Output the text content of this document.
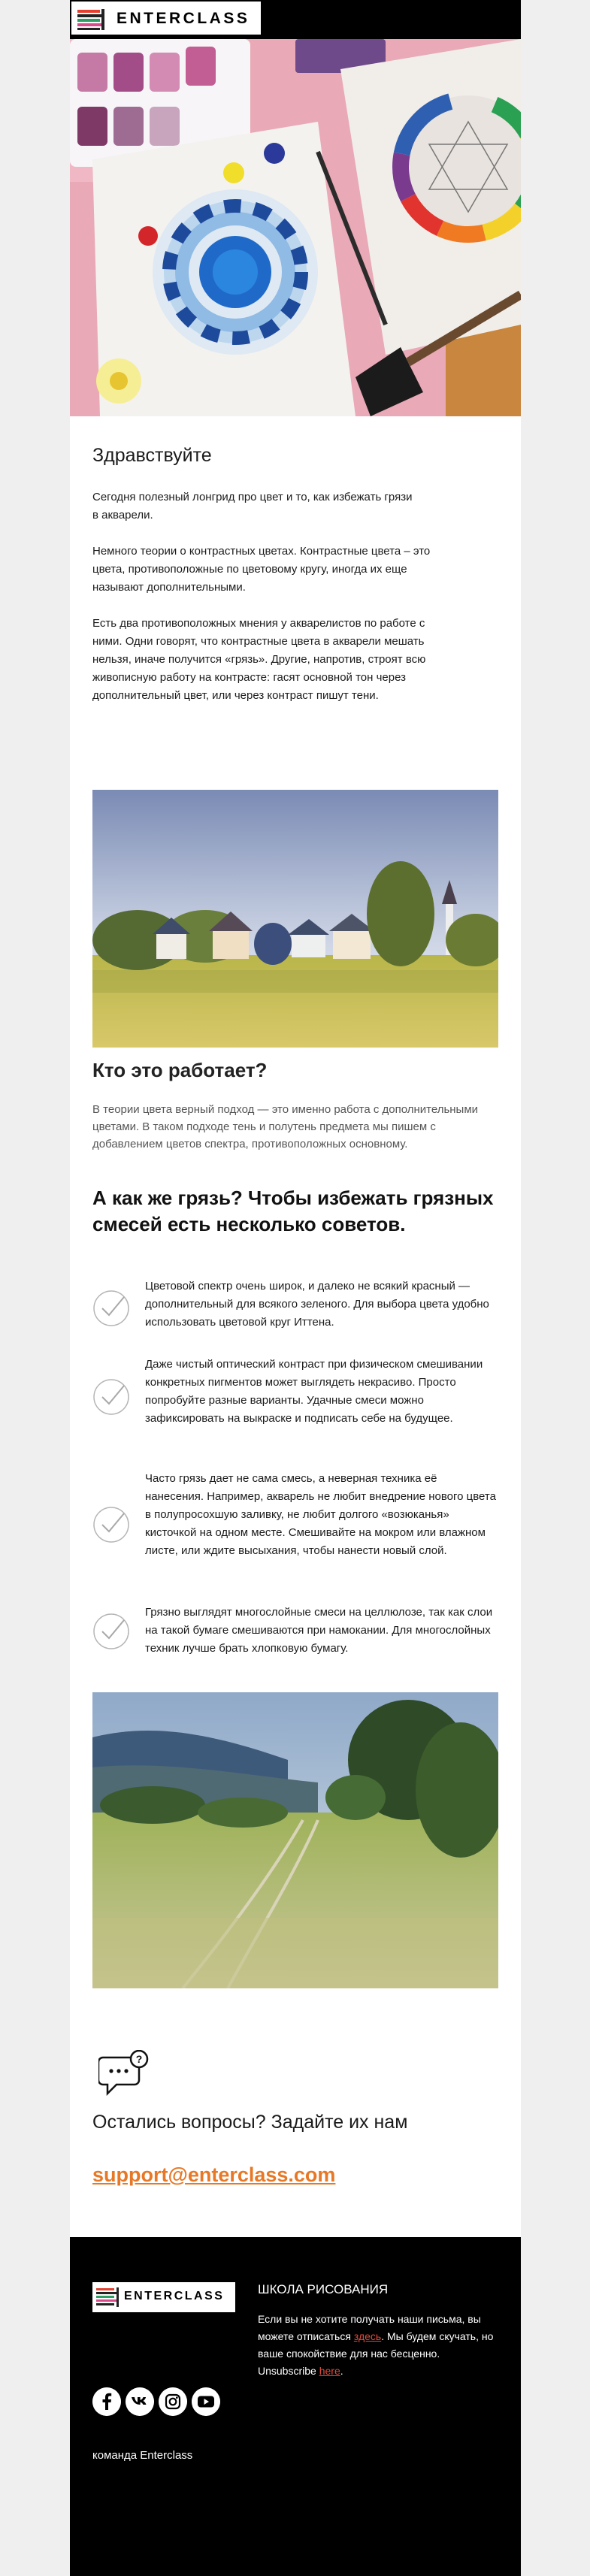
ENTERCLASS
Здравствуйте
Сегодня полезный лонгрид про цвет и то, как избежать грязи в акварели.
Немного теории о контрастных цветах. Контрастные цвета – это цвета, противоположные по цветовому кругу, иногда их еще называют дополнительными.
Есть два противоположных мнения у акварелистов по работе с ними. Одни говорят, что контрастные цвета в акварели мешать нельзя, иначе получится «грязь». Другие, напротив, строят всю живописную работу на контрасте: гасят основной тон через дополнительный цвет, или через контраст пишут тени.
Кто это работает?
В теории цвета верный подход — это именно работа с дополнительными цветами. В таком подходе тень и полутень предмета мы пишем с добавлением цветов спектра, противоположных основному.
А как же грязь? Чтобы избежать грязных смесей есть несколько советов.
Цветовой спектр очень широк, и далеко не всякий красный — дополнительный для всякого зеленого. Для выбора цвета удобно использовать цветовой круг Иттена.
Даже чистый оптический контраст при физическом смешивании конкретных пигментов может выглядеть некрасиво. Просто попробуйте разные варианты. Удачные смеси можно зафиксировать на выкраске и подписать себе на будущее.
Часто грязь дает не сама смесь, а неверная техника её нанесения. Например, акварель не любит внедрение нового цвета в полупросохшую заливку, не любит долгого «возюканья» кисточкой на одном месте. Смешивайте на мокром или влажном листе, или ждите высыхания, чтобы нанести новый слой.
Грязно выглядят многослойные смеси на целлюлозе, так как слои на такой бумаге смешиваются при намокании. Для многослойных техник лучше брать хлопковую бумагу.
?
Остались вопросы? Задайте их нам
support@enterclass.com
ENTERCLASS	ШКОЛА РИСОВАНИЯ
Если вы не хотите получать наши письма, вы можете отписаться здесь. Мы будем скучать, но ваше спокойствие для нас бесценно. Unsubscribe here.
команда Enterclass
